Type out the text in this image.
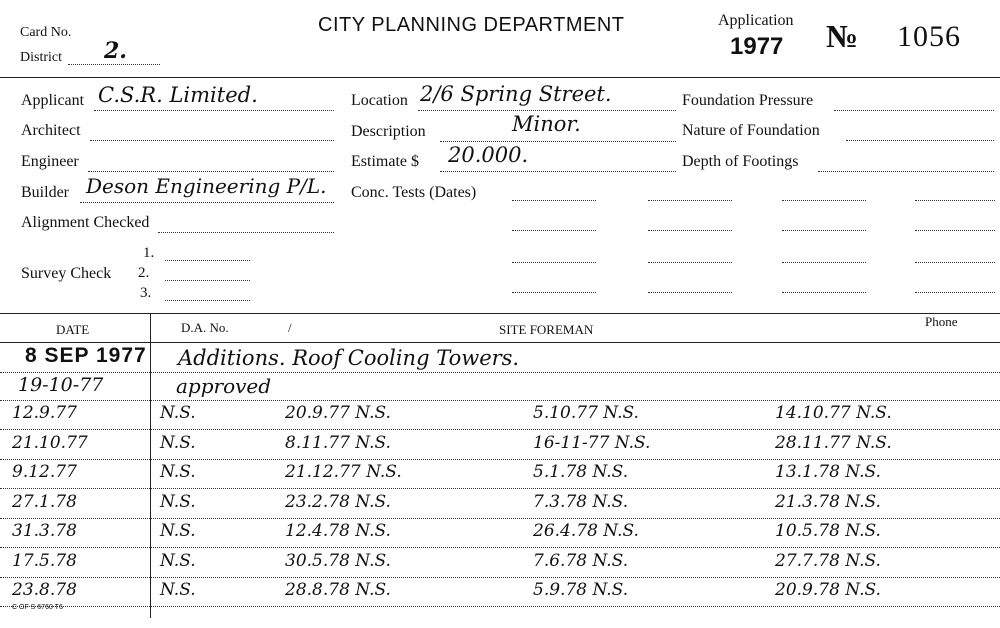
Card No.
District 2.
CITY PLANNING DEPARTMENT	Application
1977 № 1056
Applicant C.S.R. Limited.
Architect
Engineer
Builder Deson Engineering P/L.
Alignment Checked
1.
Survey Check 2.
3.
Location 2/6 Spring Street.
Description	Minor.
Estimate $ 20.000.
Conc. Tests (Dates)
Foundation Pressure
Nature of Foundation
Depth of Footings
DATE	D.A. No.	/	SITE FOREMAN
Phone
8 SEP 1977 Additions. Roof Cooling Towers.
19-10-77	approved
12.9.77	N.S.	20.9.77 N.S.	5.10.77 N.S.	14.10.77 N.S.
21.10.77	N.S.	8.11.77 N.S.	16-11-77 N.S.	28.11.77 N.S.
9.12.77	N.S.	21.12.77 N.S.	5.1.78 N.S.	13.1.78 N.S.
27.1.78	N.S.	23.2.78 N.S.	7.3.78 N.S.	21.3.78 N.S.
31.3.78	N.S.	12.4.78 N.S.	26.4.78 N.S.	10.5.78 N.S.
17.5.78	N.S.	30.5.78 N.S.	7.6.78 N.S.	27.7.78 N.S.
23.8.78	N.S.	28.8.78 N.S.	5.9.78 N.S.	20.9.78 N.S.
C OF S 6760 T6
